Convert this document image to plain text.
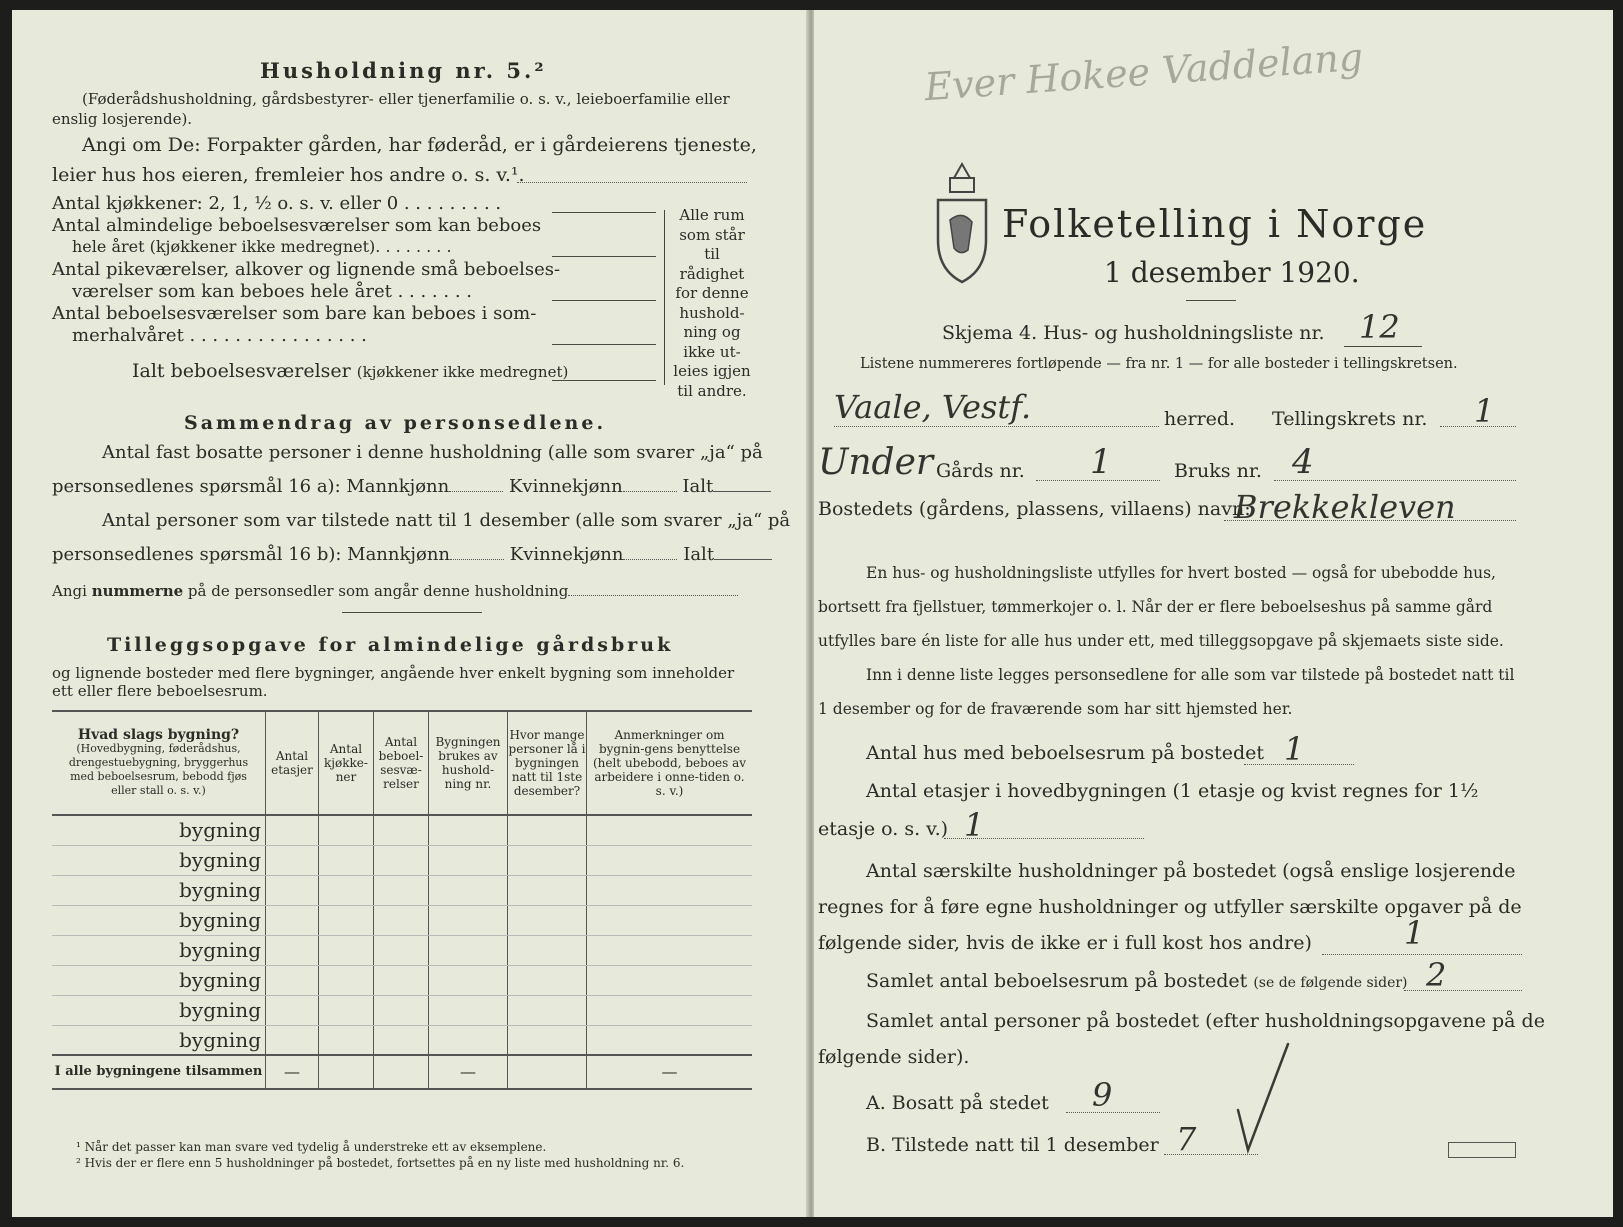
Husholdning nr. 5.²
(Føderådshusholdning, gårdsbestyrer- eller tjenerfamilie o. s. v., leieboerfamilie eller
enslig losjerende).
Angi om De: Forpakter gården, har føderåd, er i gårdeierens tjeneste,
leier hus hos eieren, fremleier hos andre o. s. v.¹.
Antal kjøkkener: 2, 1, ½ o. s. v. eller 0 . . . . . . . . .
Antal almindelige beboelsesværelser som kan beboes
hele året (kjøkkener ikke medregnet). . . . . . . .
Antal pikeværelser, alkover og lignende små beboelses-
værelser som kan beboes hele året . . . . . . .
Antal beboelsesværelser som bare kan beboes i som-
merhalvåret . . . . . . . . . . . . . . . .
Ialt beboelsesværelser (kjøkkener ikke medregnet)
Alle rum
som står til
rådighet
for denne
hushold-
ning og
ikke ut-
leies igjen
til andre.
Sammendrag av personsedlene.
Antal fast bosatte personer i denne husholdning (alle som svarer „ja“ på
personsedlenes spørsmål 16 a): Mannkjønn	Kvinnekjønn	Ialt
Antal personer som var tilstede natt til 1 desember (alle som svarer „ja“ på
personsedlenes spørsmål 16 b): Mannkjønn	Kvinnekjønn	Ialt
Angi nummerne på de personsedler som angår denne husholdning
Tilleggsopgave for almindelige gårdsbruk
og lignende bosteder med flere bygninger, angående hver enkelt bygning som inneholder
ett eller flere beboelsesrum.
Hvad slags bygning?
(Hovedbygning, føderådshus, drengestuebygning, bryggerhus med beboelsesrum, bebodd fjøs eller stall o. s. v.)	Antal etasjer	Antal kjøkke-ner	Antal beboel-sesvæ-relser	Bygningen brukes av hushold-ning nr.	Hvor mange personer lå i bygningen natt til 1ste desember?	Anmerkninger om bygnin-gens benyttelse (helt ubebodd, beboes av arbeidere i onne-tiden o. s. v.)
bygning						
bygning						
bygning						
bygning						
bygning						
bygning						
bygning						
bygning						
I alle bygningene tilsammen	—			—		—
¹ Når det passer kan man svare ved tydelig å understreke ett av eksemplene.
² Hvis der er flere enn 5 husholdninger på bostedet, fortsettes på en ny liste med husholdning nr. 6.
Ever Hokee Vaddelang
Folketelling i Norge
1 desember 1920.
Skjema 4. Hus- og husholdningsliste nr. 12
Listene nummereres fortløpende — fra nr. 1 — for alle bosteder i tellingskretsen.
Vaale, Vestf.	herred. Tellingskrets nr. 1
Under Gårds nr. 1	Bruks nr. 4
Bostedets (gårdens, plassens, villaens) navn:
Brekkekleven
En hus- og husholdningsliste utfylles for hvert bosted — også for ubebodde hus,
bortsett fra fjellstuer, tømmerkojer o. l. Når der er flere beboelseshus på samme gård
utfylles bare én liste for alle hus under ett, med tilleggsopgave på skjemaets siste side.
Inn i denne liste legges personsedlene for alle som var tilstede på bostedet natt til
1 desember og for de fraværende som har sitt hjemsted her.
Antal hus med beboelsesrum på bostedet 1
Antal etasjer i hovedbygningen (1 etasje og kvist regnes for 1½
etasje o. s. v.) 1
Antal særskilte husholdninger på bostedet (også enslige losjerende
regnes for å føre egne husholdninger og utfyller særskilte opgaver på de
følgende sider, hvis de ikke er i full kost hos andre)	1
Samlet antal beboelsesrum på bostedet (se de følgende sider) 2
Samlet antal personer på bostedet (efter husholdningsopgavene på de
følgende sider).
A. Bosatt på stedet 9
B. Tilstede natt til 1 desember 7
